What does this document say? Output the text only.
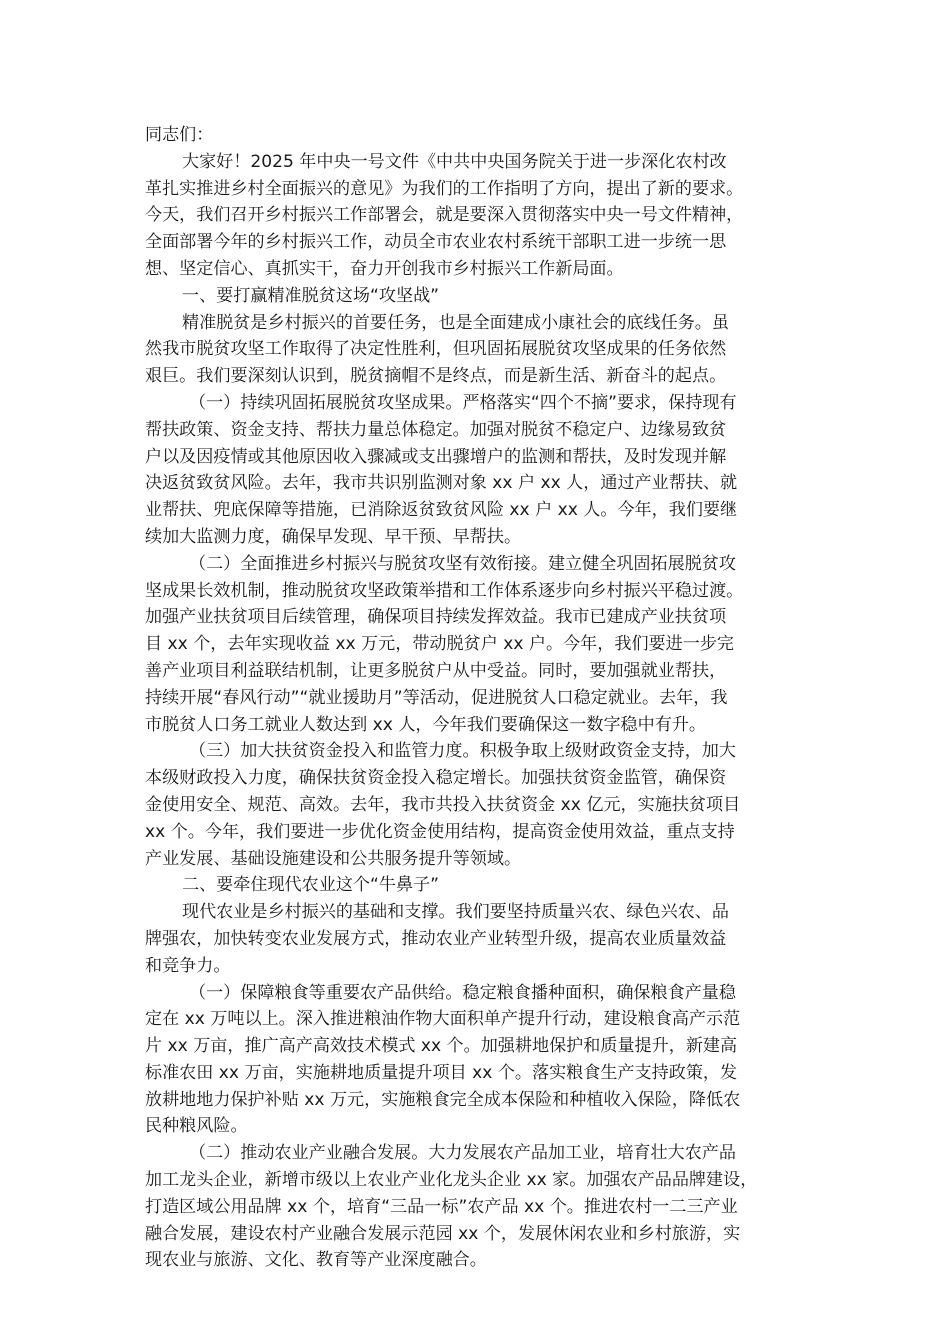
同志们：

大家好！2025 年中央一号文件《中共中央国务院关于进一步深化农村改
革扎实推进乡村全面振兴的意见》为我们的工作指明了方向，提出了新的要求。
今天，我们召开乡村振兴工作部署会，就是要深入贯彻落实中央一号文件精神，
全面部署今年的乡村振兴工作，动员全市农业农村系统干部职工进一步统一思
想、坚定信心、真抓实干，奋力开创我市乡村振兴工作新局面。

一、要打赢精准脱贫这场“攻坚战”

精准脱贫是乡村振兴的首要任务，也是全面建成小康社会的底线任务。虽
然我市脱贫攻坚工作取得了决定性胜利，但巩固拓展脱贫攻坚成果的任务依然
艰巨。我们要深刻认识到，脱贫摘帽不是终点，而是新生活、新奋斗的起点。

（一）持续巩固拓展脱贫攻坚成果。严格落实“四个不摘”要求，保持现有
帮扶政策、资金支持、帮扶力量总体稳定。加强对脱贫不稳定户、边缘易致贫
户以及因疫情或其他原因收入骤减或支出骤增户的监测和帮扶，及时发现并解
决返贫致贫风险。去年，我市共识别监测对象 xx 户 xx 人，通过产业帮扶、就
业帮扶、兜底保障等措施，已消除返贫致贫风险 xx 户 xx 人。今年，我们要继
续加大监测力度，确保早发现、早干预、早帮扶。

（二）全面推进乡村振兴与脱贫攻坚有效衔接。建立健全巩固拓展脱贫攻
坚成果长效机制，推动脱贫攻坚政策举措和工作体系逐步向乡村振兴平稳过渡。
加强产业扶贫项目后续管理，确保项目持续发挥效益。我市已建成产业扶贫项
目 xx 个，去年实现收益 xx 万元，带动脱贫户 xx 户。今年，我们要进一步完
善产业项目利益联结机制，让更多脱贫户从中受益。同时，要加强就业帮扶，
持续开展“春风行动”“就业援助月”等活动，促进脱贫人口稳定就业。去年，我
市脱贫人口务工就业人数达到 xx 人，今年我们要确保这一数字稳中有升。

（三）加大扶贫资金投入和监管力度。积极争取上级财政资金支持，加大
本级财政投入力度，确保扶贫资金投入稳定增长。加强扶贫资金监管，确保资
金使用安全、规范、高效。去年，我市共投入扶贫资金 xx 亿元，实施扶贫项目
xx 个。今年，我们要进一步优化资金使用结构，提高资金使用效益，重点支持
产业发展、基础设施建设和公共服务提升等领域。

二、要牵住现代农业这个“牛鼻子”

现代农业是乡村振兴的基础和支撑。我们要坚持质量兴农、绿色兴农、品
牌强农，加快转变农业发展方式，推动农业产业转型升级，提高农业质量效益
和竞争力。

（一）保障粮食等重要农产品供给。稳定粮食播种面积，确保粮食产量稳
定在 xx 万吨以上。深入推进粮油作物大面积单产提升行动，建设粮食高产示范
片 xx 万亩，推广高产高效技术模式 xx 个。加强耕地保护和质量提升，新建高
标准农田 xx 万亩，实施耕地质量提升项目 xx 个。落实粮食生产支持政策，发
放耕地地力保护补贴 xx 万元，实施粮食完全成本保险和种植收入保险，降低农
民种粮风险。

（二）推动农业产业融合发展。大力发展农产品加工业，培育壮大农产品
加工龙头企业，新增市级以上农业产业化龙头企业 xx 家。加强农产品品牌建设，
打造区域公用品牌 xx 个，培育“三品一标”农产品 xx 个。推进农村一二三产业
融合发展，建设农村产业融合发展示范园 xx 个，发展休闲农业和乡村旅游，实
现农业与旅游、文化、教育等产业深度融合。
